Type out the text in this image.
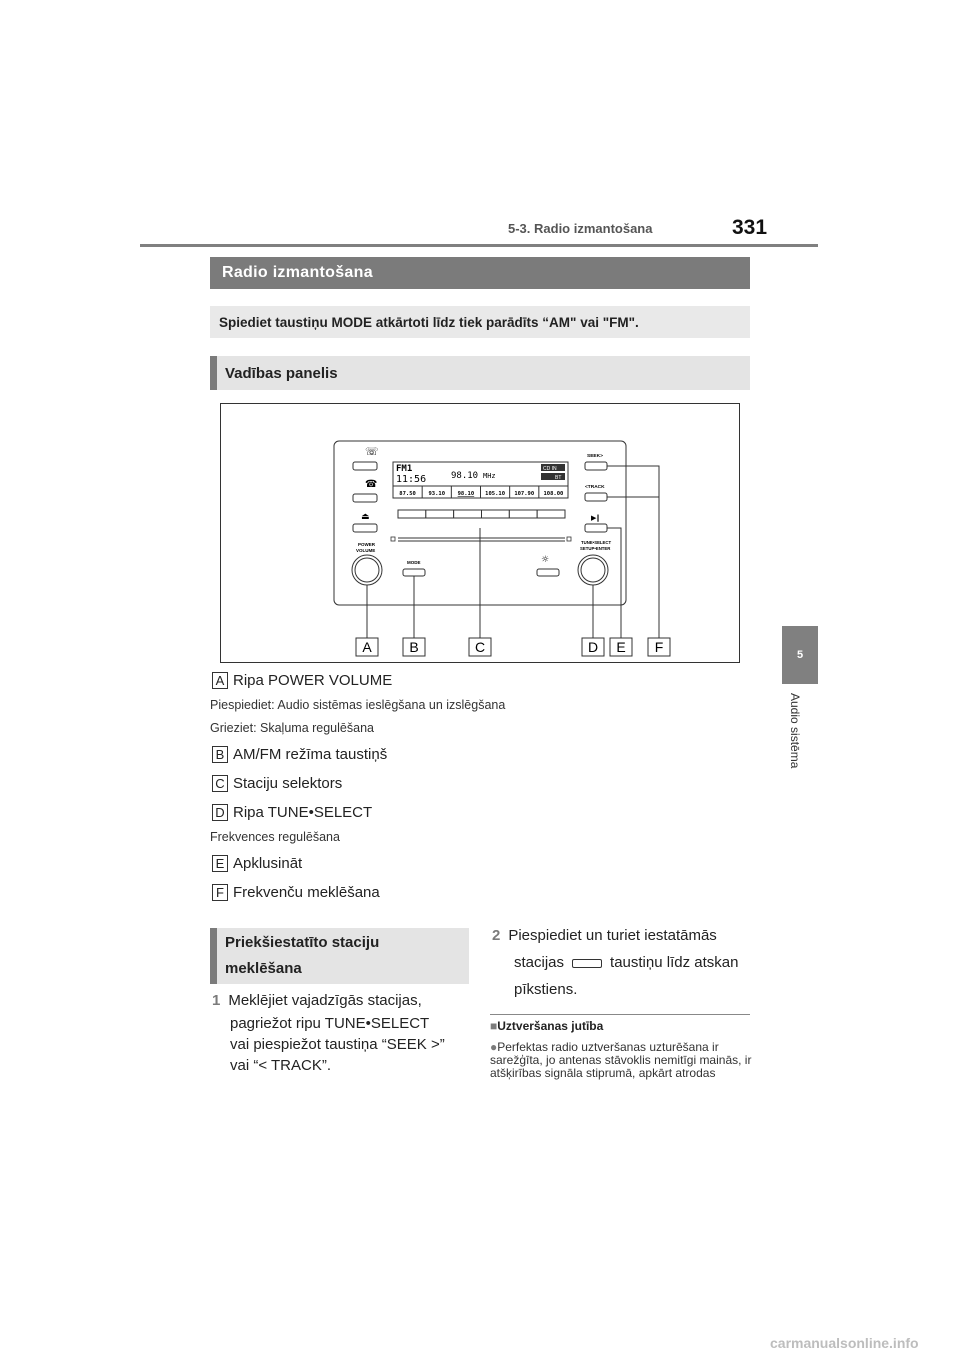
5-3. Radio izmantošana	331
5
Audio sistēma
Radio izmantošana
Spiediet taustiņu MODE atkārtoti līdz tiek parādīts “AM" vai "FM".
Vadības panelis
☏
☎
⏏
POWER
VOLUME
FM1
11:56	98.10 MHz
CD IN
BT
87.50 93.10 98.10 105.10 107.90 108.00
MODE	☼
SEEK>
<TRACK
▶‖
TUNE•SELECT
SETUP•ENTER
A	B	C	D E F
A Ripa POWER VOLUME
Piespiediet: Audio sistēmas ieslēgšana un izslēgšana
Grieziet: Skaļuma regulēšana
B AM/FM režīma taustiņš
C Staciju selektors
D Ripa TUNE•SELECT
Frekvences regulēšana
E Apklusināt
F Frekvenču meklēšana
Priekšiestatīto staciju
meklēšana
1 Meklējiet vajadzīgās stacijas,
pagriežot ripu TUNE•SELECT
vai piespiežot taustiņa “SEEK >”
vai “< TRACK”.
2 Piespiediet un turiet iestatāmās
stacijas	taustiņu līdz atskan
pīkstiens.
■Uztveršanas jutība
●Perfektas radio uztveršanas uzturēšana ir sarežģīta, jo antenas stāvoklis nemitīgi mainās, ir atšķirības signāla stiprumā, apkārt atrodas
carmanualsonline.info
